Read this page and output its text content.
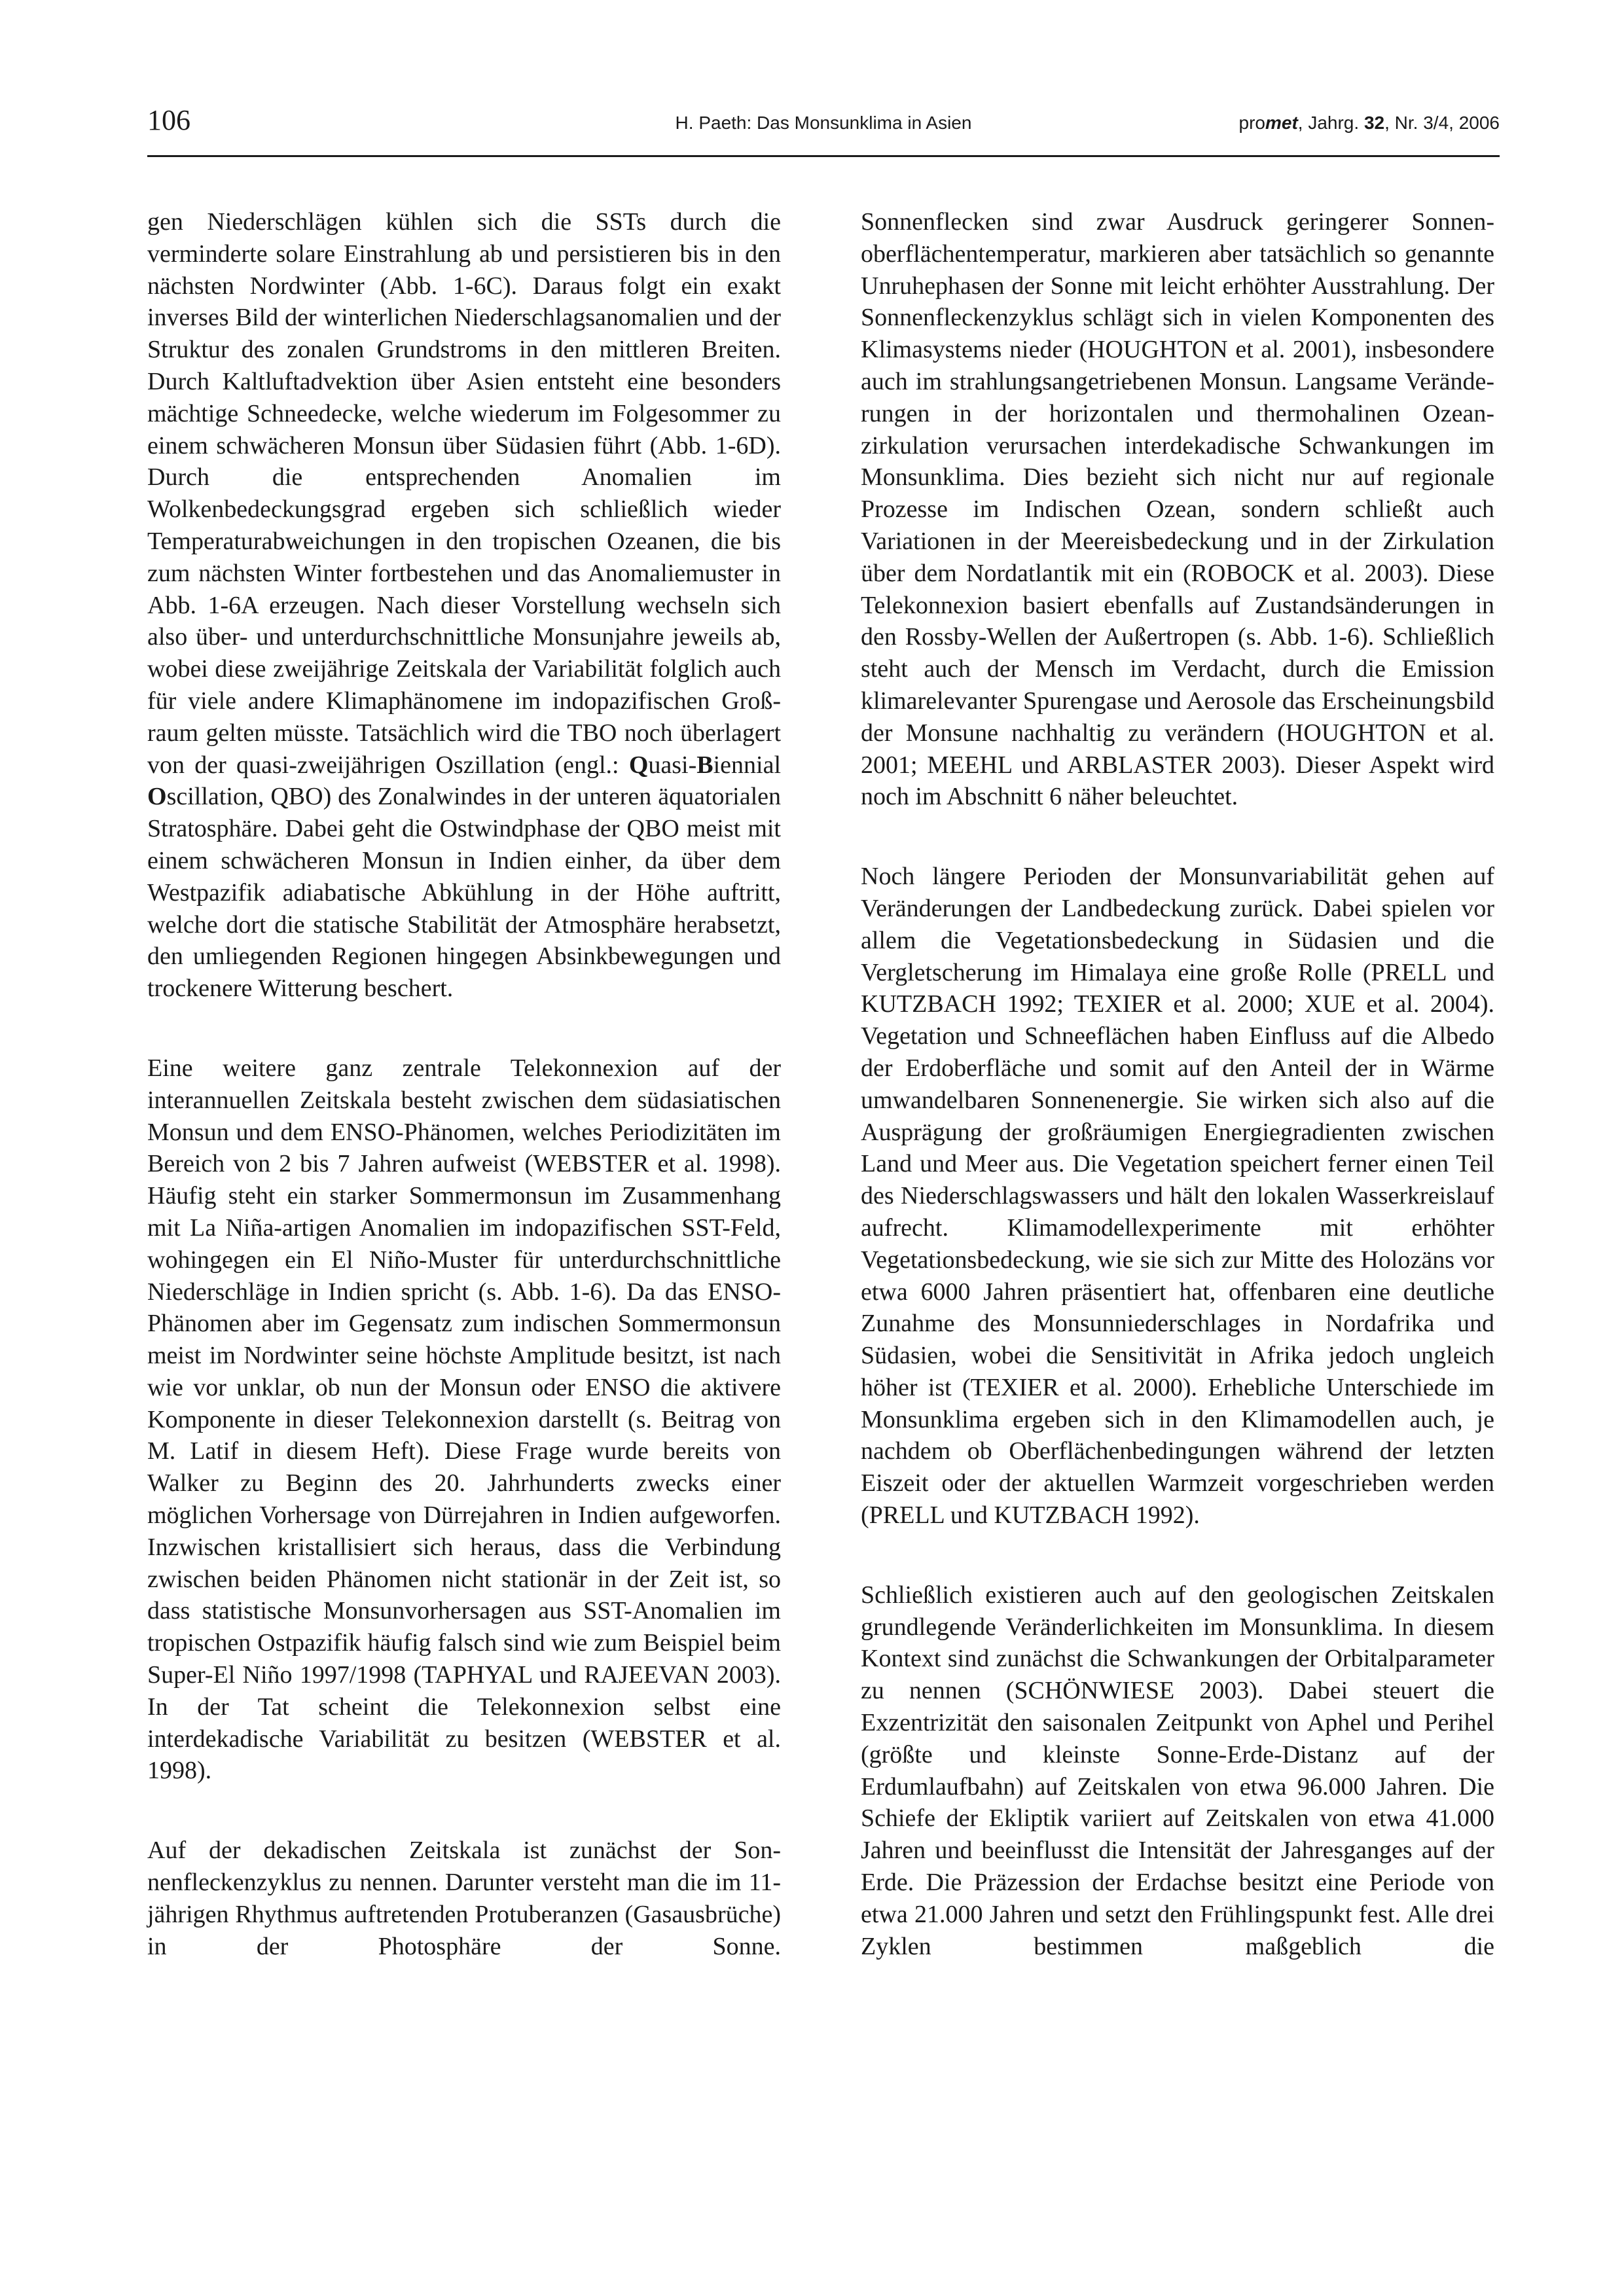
106	H. Paeth: Das Monsunklima in Asien	promet, Jahrg. 32, Nr. 3/4, 2006

gen Niederschlägen kühlen sich die SSTs durch die verminderte solare Einstrahlung ab und persistieren bis in den nächsten Nordwinter (Abb. 1-6C). Daraus folgt ein exakt inverses Bild der winterlichen Niederschlagsanomalien und der Struktur des zonalen Grundstroms in den mittleren Breiten. Durch Kaltluftadvektion über Asien entsteht eine besonders mächtige Schneedecke, welche wiederum im Folgesommer zu einem schwächeren Monsun über Südasien führt (Abb. 1-6D). Durch die entsprechenden Anomalien im Wolkenbedeckungsgrad ergeben sich schließlich wieder Temperaturabweichungen in den tropischen Ozeanen, die bis zum nächsten Winter fortbestehen und das Anomaliemuster in Abb. 1-6A erzeugen. Nach dieser Vorstellung wechseln sich also über- und unterdurchschnittliche Monsunjahre jeweils ab, wobei diese zweijährige Zeitskala der Variabilität folglich auch für viele andere Klimaphänomene im indopazifischen Großraum gelten müsste. Tatsächlich wird die TBO noch überlagert von der quasi-zweijährigen Oszillation (engl.: Quasi-Biennial Oscillation, QBO) des Zonalwindes in der unteren äquatorialen Stratosphäre. Dabei geht die Ostwindphase der QBO meist mit einem schwächeren Monsun in Indien einher, da über dem Westpazifik adiabatische Abkühlung in der Höhe auftritt, welche dort die statische Stabilität der Atmosphäre herabsetzt, den umliegenden Regionen hingegen Absinkbewegungen und trockenere Witterung beschert.

Eine weitere ganz zentrale Telekonnexion auf der interannuellen Zeitskala besteht zwischen dem südasiatischen Monsun und dem ENSO-Phänomen, welches Periodizitäten im Bereich von 2 bis 7 Jahren aufweist (WEBSTER et al. 1998). Häufig steht ein starker Sommermonsun im Zusammenhang mit La Niña-artigen Anomalien im indopazifischen SST-Feld, wohingegen ein El Niño-Muster für unterdurchschnittliche Niederschläge in Indien spricht (s. Abb. 1-6). Da das ENSO-Phänomen aber im Gegensatz zum indischen Sommermonsun meist im Nordwinter seine höchste Amplitude besitzt, ist nach wie vor unklar, ob nun der Monsun oder ENSO die aktivere Komponente in dieser Telekonnexion darstellt (s. Beitrag von M. Latif in diesem Heft). Diese Frage wurde bereits von Walker zu Beginn des 20. Jahrhunderts zwecks einer möglichen Vorhersage von Dürrejahren in Indien aufgeworfen. Inzwischen kristallisiert sich heraus, dass die Verbindung zwischen beiden Phänomen nicht stationär in der Zeit ist, so dass statistische Monsunvorhersagen aus SST-Anomalien im tropischen Ostpazifik häufig falsch sind wie zum Beispiel beim Super-El Niño 1997/1998 (TAPHYAL und RAJEEVAN 2003). In der Tat scheint die Telekonnexion selbst eine interdekadische Variabilität zu besitzen (WEBSTER et al. 1998).

Auf der dekadischen Zeitskala ist zunächst der Sonnenfleckenzyklus zu nennen. Darunter versteht man die im 11-jährigen Rhythmus auftretenden Protuberanzen (Gasausbrüche) in der Photosphäre der Sonne.

Sonnenflecken sind zwar Ausdruck geringerer Sonnenoberflächentemperatur, markieren aber tatsächlich so genannte Unruhephasen der Sonne mit leicht erhöhter Ausstrahlung. Der Sonnenfleckenzyklus schlägt sich in vielen Komponenten des Klimasystems nieder (HOUGHTON et al. 2001), insbesondere auch im strahlungsangetriebenen Monsun. Langsame Veränderungen in der horizontalen und thermohalinen Ozeanzirkulation verursachen interdekadische Schwankungen im Monsunklima. Dies bezieht sich nicht nur auf regionale Prozesse im Indischen Ozean, sondern schließt auch Variationen in der Meereisbedeckung und in der Zirkulation über dem Nordatlantik mit ein (ROBOCK et al. 2003). Diese Telekonnexion basiert ebenfalls auf Zustandsänderungen in den Rossby-Wellen der Außertropen (s. Abb. 1-6). Schließlich steht auch der Mensch im Verdacht, durch die Emission klimarelevanter Spurengase und Aerosole das Erscheinungsbild der Monsune nachhaltig zu verändern (HOUGHTON et al. 2001; MEEHL und ARBLASTER 2003). Dieser Aspekt wird noch im Abschnitt 6 näher beleuchtet.

Noch längere Perioden der Monsunvariabilität gehen auf Veränderungen der Landbedeckung zurück. Dabei spielen vor allem die Vegetationsbedeckung in Südasien und die Vergletscherung im Himalaya eine große Rolle (PRELL und KUTZBACH 1992; TEXIER et al. 2000; XUE et al. 2004). Vegetation und Schneeflächen haben Einfluss auf die Albedo der Erdoberfläche und somit auf den Anteil der in Wärme umwandelbaren Sonnenenergie. Sie wirken sich also auf die Ausprägung der großräumigen Energiegradienten zwischen Land und Meer aus. Die Vegetation speichert ferner einen Teil des Niederschlagswassers und hält den lokalen Wasserkreislauf aufrecht. Klimamodellexperimente mit erhöhter Vegetationsbedeckung, wie sie sich zur Mitte des Holozäns vor etwa 6000 Jahren präsentiert hat, offenbaren eine deutliche Zunahme des Monsunniederschlages in Nordafrika und Südasien, wobei die Sensitivität in Afrika jedoch ungleich höher ist (TEXIER et al. 2000). Erhebliche Unterschiede im Monsunklima ergeben sich in den Klimamodellen auch, je nachdem ob Oberflächenbedingungen während der letzten Eiszeit oder der aktuellen Warmzeit vorgeschrieben werden (PRELL und KUTZBACH 1992).

Schließlich existieren auch auf den geologischen Zeitskalen grundlegende Veränderlichkeiten im Monsunklima. In diesem Kontext sind zunächst die Schwankungen der Orbitalparameter zu nennen (SCHÖNWIESE 2003). Dabei steuert die Exzentrizität den saisonalen Zeitpunkt von Aphel und Perihel (größte und kleinste Sonne-Erde-Distanz auf der Erdumlaufbahn) auf Zeitskalen von etwa 96.000 Jahren. Die Schiefe der Ekliptik variiert auf Zeitskalen von etwa 41.000 Jahren und beeinflusst die Intensität der Jahresganges auf der Erde. Die Präzession der Erdachse besitzt eine Periode von etwa 21.000 Jahren und setzt den Frühlingspunkt fest. Alle drei Zyklen bestimmen maßgeblich die
